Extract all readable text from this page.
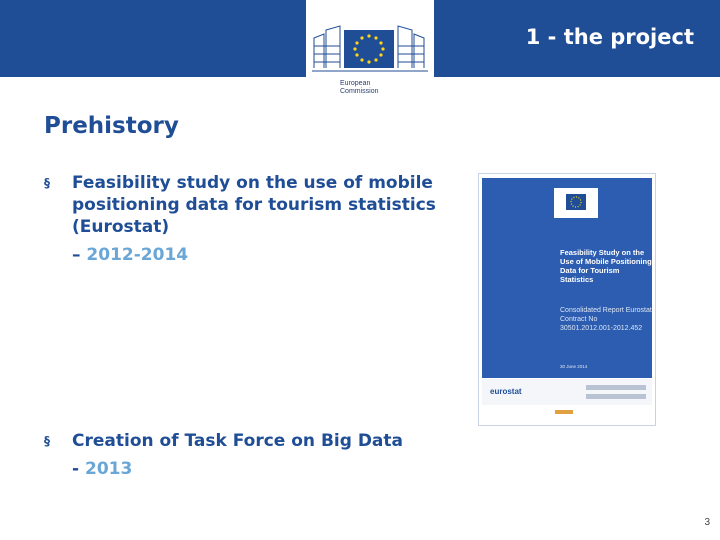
European
Commission
1 - the project
Prehistory
§ Feasibility study on the use of mobile positioning data for tourism statistics (Eurostat)
– 2012-2014
§ Creation of Task Force on Big Data
- 2013
Feasibility Study on the Use of Mobile Positioning Data for Tourism Statistics
Consolidated Report Eurostat Contract No 30501.2012.001-2012.452
30 June 2014
eurostat
3
